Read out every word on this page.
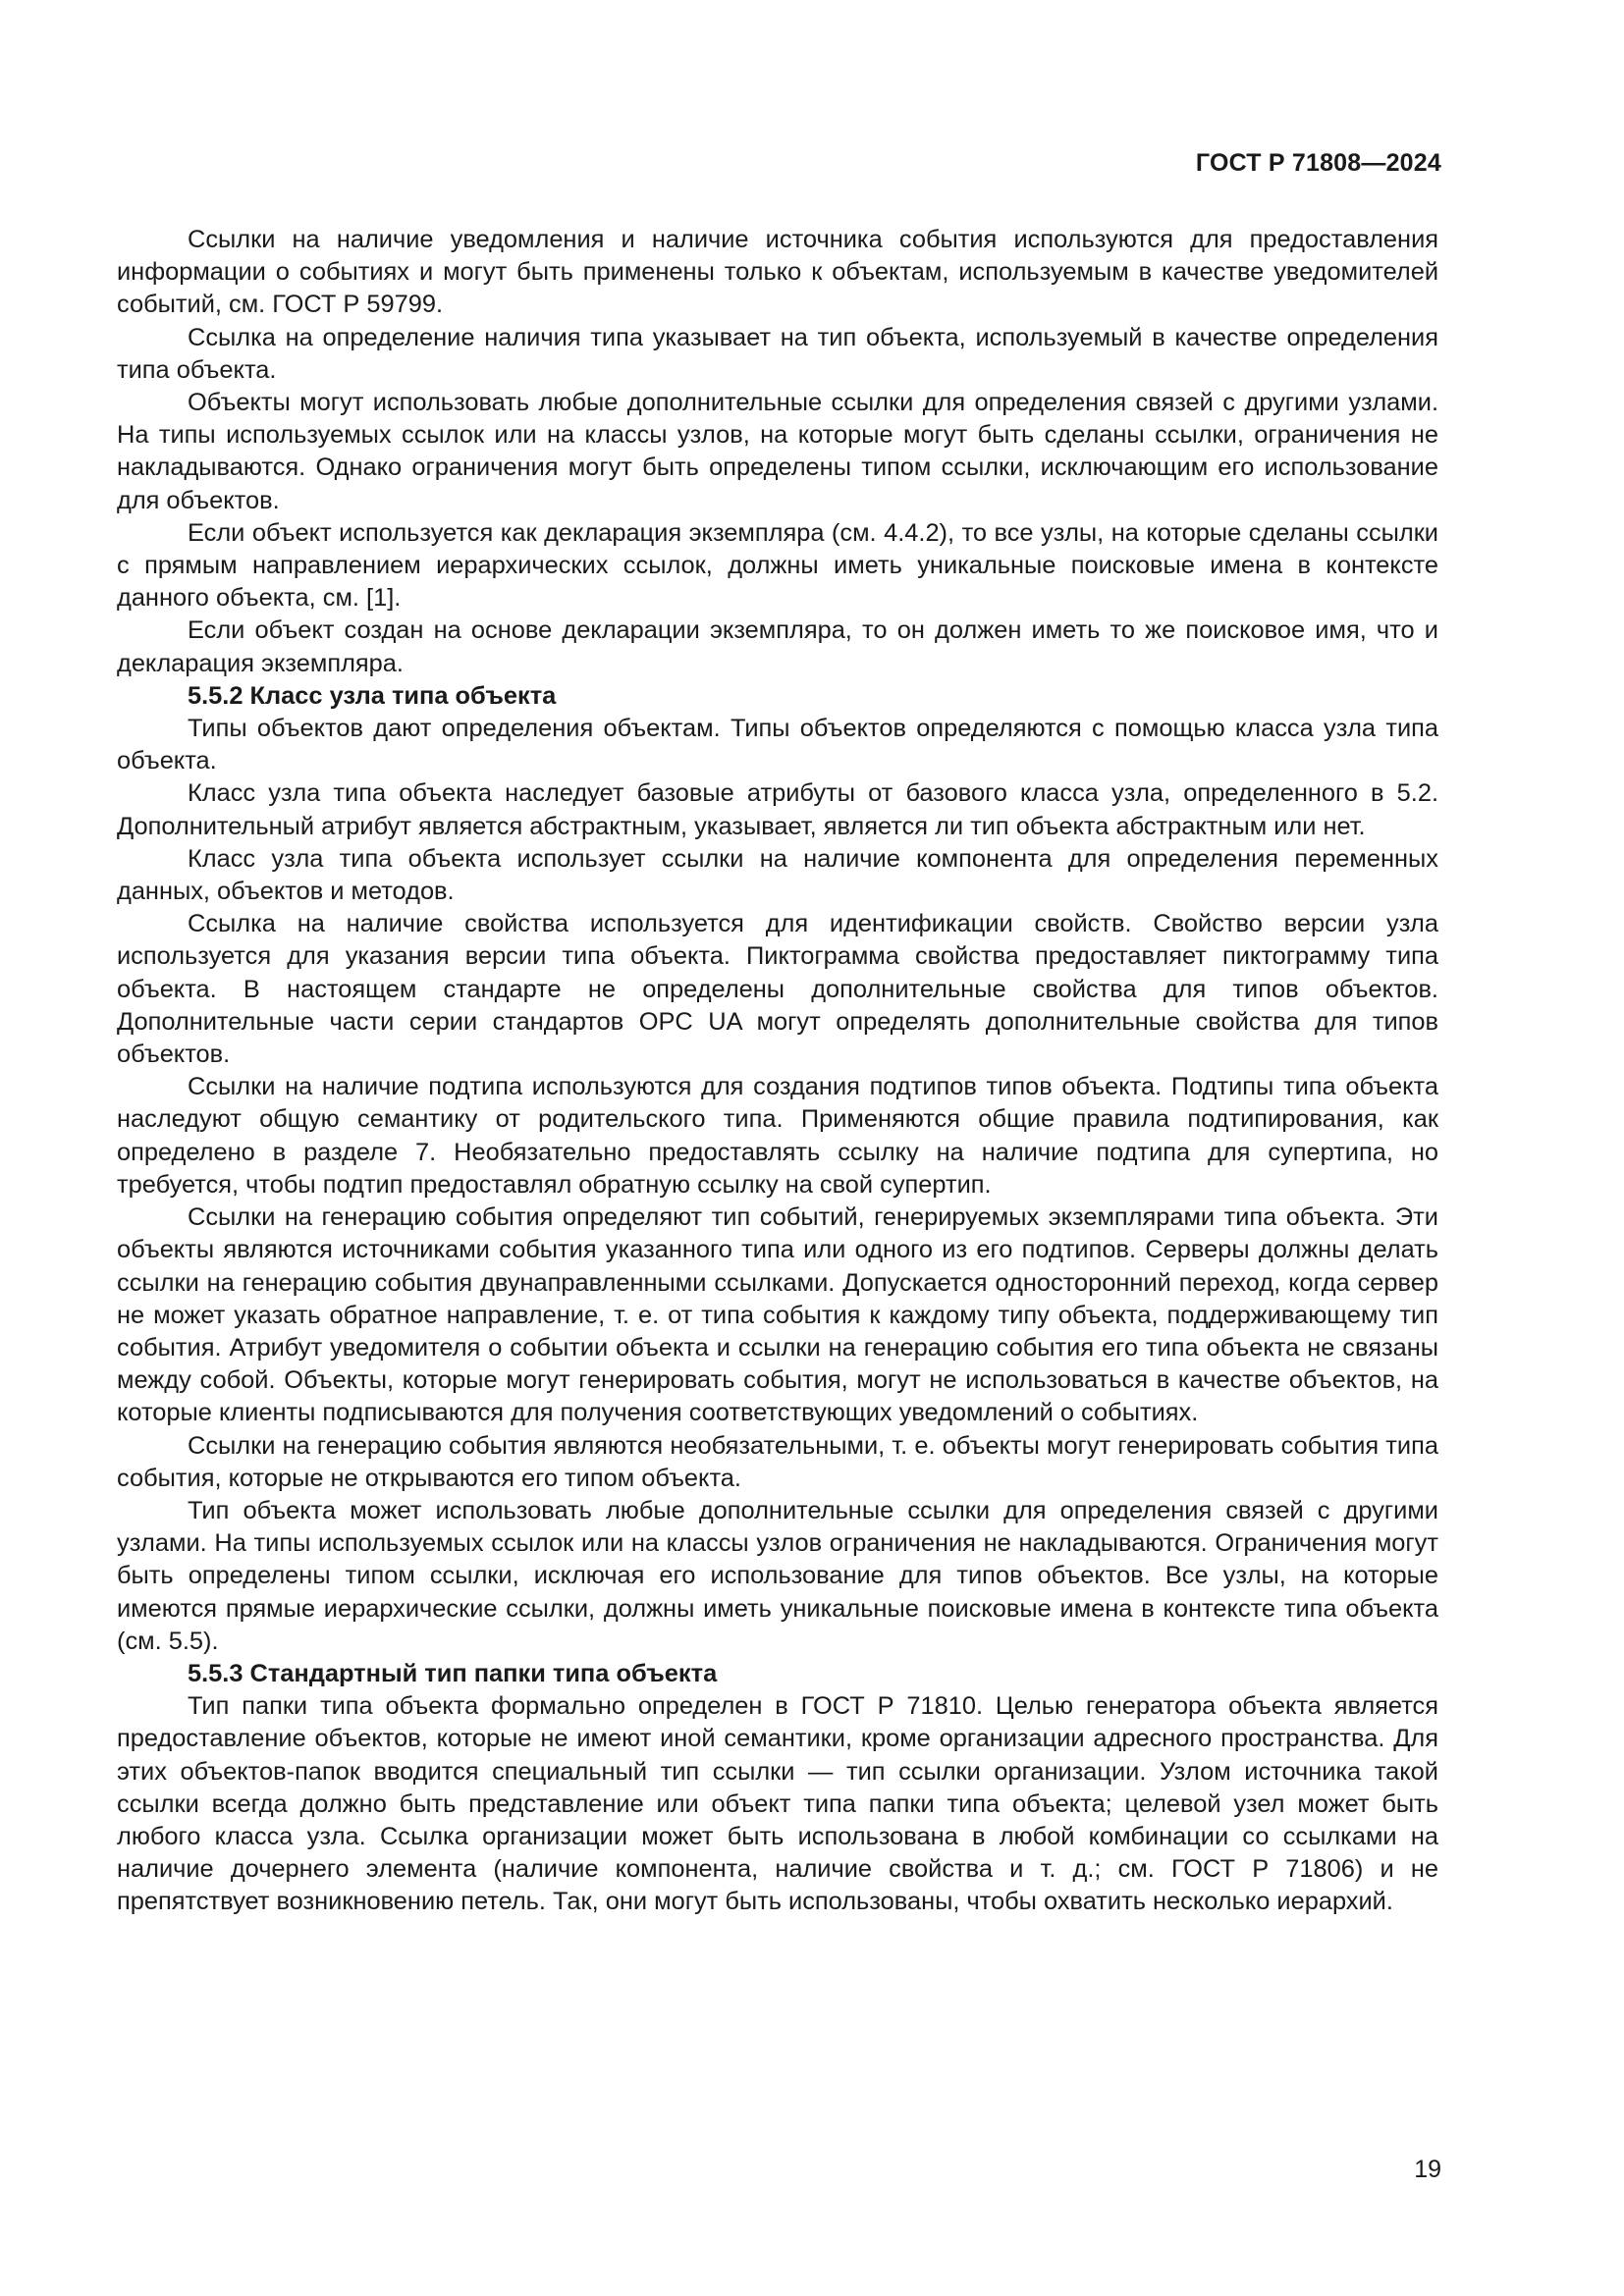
ГОСТ Р 71808—2024

Ссылки на наличие уведомления и наличие источника события используются для предоставления информации о событиях и могут быть применены только к объектам, используемым в качестве уведомителей событий, см. ГОСТ Р 59799.

Ссылка на определение наличия типа указывает на тип объекта, используемый в качестве определения типа объекта.

Объекты могут использовать любые дополнительные ссылки для определения связей с другими узлами. На типы используемых ссылок или на классы узлов, на которые могут быть сделаны ссылки, ограничения не накладываются. Однако ограничения могут быть определены типом ссылки, исключающим его использование для объектов.

Если объект используется как декларация экземпляра (см. 4.4.2), то все узлы, на которые сделаны ссылки с прямым направлением иерархических ссылок, должны иметь уникальные поисковые имена в контексте данного объекта, см. [1].

Если объект создан на основе декларации экземпляра, то он должен иметь то же поисковое имя, что и декларация экземпляра.

5.5.2 Класс узла типа объекта

Типы объектов дают определения объектам. Типы объектов определяются с помощью класса узла типа объекта.

Класс узла типа объекта наследует базовые атрибуты от базового класса узла, определенного в 5.2. Дополнительный атрибут является абстрактным, указывает, является ли тип объекта абстрактным или нет.

Класс узла типа объекта использует ссылки на наличие компонента для определения переменных данных, объектов и методов.

Ссылка на наличие свойства используется для идентификации свойств. Свойство версии узла используется для указания версии типа объекта. Пиктограмма свойства предоставляет пиктограмму типа объекта. В настоящем стандарте не определены дополнительные свойства для типов объектов. Дополнительные части серии стандартов OPC UA могут определять дополнительные свойства для типов объектов.

Ссылки на наличие подтипа используются для создания подтипов типов объекта. Подтипы типа объекта наследуют общую семантику от родительского типа. Применяются общие правила подтипирования, как определено в разделе 7. Необязательно предоставлять ссылку на наличие подтипа для супертипа, но требуется, чтобы подтип предоставлял обратную ссылку на свой супертип.

Ссылки на генерацию события определяют тип событий, генерируемых экземплярами типа объекта. Эти объекты являются источниками события указанного типа или одного из его подтипов. Серверы должны делать ссылки на генерацию события двунаправленными ссылками. Допускается односторонний переход, когда сервер не может указать обратное направление, т. е. от типа события к каждому типу объекта, поддерживающему тип события. Атрибут уведомителя о событии объекта и ссылки на генерацию события его типа объекта не связаны между собой. Объекты, которые могут генерировать события, могут не использоваться в качестве объектов, на которые клиенты подписываются для получения соответствующих уведомлений о событиях.

Ссылки на генерацию события являются необязательными, т. е. объекты могут генерировать события типа события, которые не открываются его типом объекта.

Тип объекта может использовать любые дополнительные ссылки для определения связей с другими узлами. На типы используемых ссылок или на классы узлов ограничения не накладываются. Ограничения могут быть определены типом ссылки, исключая его использование для типов объектов. Все узлы, на которые имеются прямые иерархические ссылки, должны иметь уникальные поисковые имена в контексте типа объекта (см. 5.5).

5.5.3 Стандартный тип папки типа объекта

Тип папки типа объекта формально определен в ГОСТ Р 71810. Целью генератора объекта является предоставление объектов, которые не имеют иной семантики, кроме организации адресного пространства. Для этих объектов-папок вводится специальный тип ссылки — тип ссылки организации. Узлом источника такой ссылки всегда должно быть представление или объект типа папки типа объекта; целевой узел может быть любого класса узла. Ссылка организации может быть использована в любой комбинации со ссылками на наличие дочернего элемента (наличие компонента, наличие свойства и т. д.; см. ГОСТ Р 71806) и не препятствует возникновению петель. Так, они могут быть использованы, чтобы охватить несколько иерархий.

19
